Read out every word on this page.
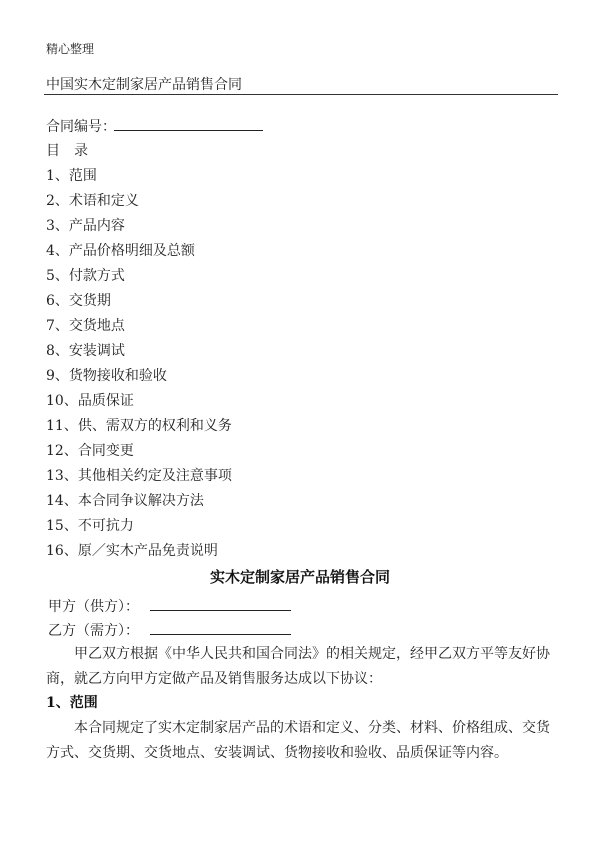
精心整理
中国实木定制家居产品销售合同
合同编号：
目　录
1、范围
2、术语和定义
3、产品内容
4、产品价格明细及总额
5、付款方式
6、交货期
7、交货地点
8、安装调试
9、货物接收和验收
10、品质保证
11、供、需双方的权利和义务
12、合同变更
13、其他相关约定及注意事项
14、本合同争议解决方法
15、不可抗力
16、原／实木产品免责说明
实木定制家居产品销售合同
甲方（供方）：
乙方（需方）：
甲乙双方根据《中华人民共和国合同法》的相关规定，经甲乙双方平等友好协商，就乙方向甲方定做产品及销售服务达成以下协议：
1、范围
本合同规定了实木定制家居产品的术语和定义、分类、材料、价格组成、交货方式、交货期、交货地点、安装调试、货物接收和验收、品质保证等内容。
